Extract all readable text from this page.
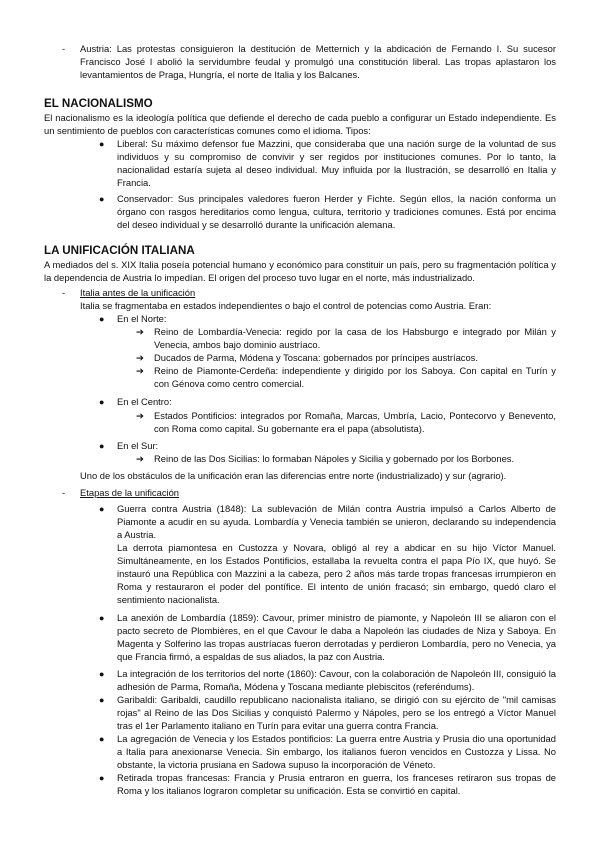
- Austria: Las protestas consiguieron la destitución de Metternich y la abdicación de Fernando I. Su sucesor Francisco José I abolió la servidumbre feudal y promulgó una constitución liberal. Las tropas aplastaron los levantamientos de Praga, Hungría, el norte de Italia y los Balcanes.

EL NACIONALISMO

El nacionalismo es la ideología política que defiende el derecho de cada pueblo a configurar un Estado independiente. Es un sentimiento de pueblos con características comunes como el idioma. Tipos:

● Liberal: Su máximo defensor fue Mazzini, que consideraba que una nación surge de la voluntad de sus individuos y su compromiso de convivir y ser regidos por instituciones comunes. Por lo tanto, la nacionalidad estaría sujeta al deseo individual. Muy influida por la Ilustración, se desarrolló en Italia y Francia.

● Conservador: Sus principales valedores fueron Herder y Fichte. Según ellos, la nación conforma un órgano con rasgos hereditarios como lengua, cultura, territorio y tradiciones comunes. Está por encima del deseo individual y se desarrolló durante la unificación alemana.

LA UNIFICACIÓN ITALIANA

A mediados del s. XIX Italia poseía potencial humano y económico para constituir un país, pero su fragmentación política y la dependencia de Austria lo impedían. El origen del proceso tuvo lugar en el norte, más industrializado.

- Italia antes de la unificación

Italia se fragmentaba en estados independientes o bajo el control de potencias como Austria. Eran:

● En el Norte:

➔ Reino de Lombardía-Venecia: regido por la casa de los Habsburgo e integrado por Milán y Venecia, ambos bajo dominio austríaco.

➔ Ducados de Parma, Módena y Toscana: gobernados por príncipes austríacos.

➔ Reino de Piamonte-Cerdeña: independiente y dirigido por los Saboya. Con capital en Turín y con Génova como centro comercial.

● En el Centro:

➔ Estados Pontificios: integrados por Romaña, Marcas, Umbría, Lacio, Pontecorvo y Benevento, con Roma como capital. Su gobernante era el papa (absolutista).

● En el Sur:

➔ Reino de las Dos Sicilias: lo formaban Nápoles y Sicilia y gobernado por los Borbones.

Uno de los obstáculos de la unificación eran las diferencias entre norte (industrializado) y sur (agrario).

- Etapas de la unificación

● Guerra contra Austria (1848): La sublevación de Milán contra Austria impulsó a Carlos Alberto de Piamonte a acudir en su ayuda. Lombardía y Venecia también se unieron, declarando su independencia a Austria.

La derrota piamontesa en Custozza y Novara, obligó al rey a abdicar en su hijo Víctor Manuel. Simultáneamente, en los Estados Pontificios, estallaba la revuelta contra el papa Pío IX, que huyó. Se instauró una República con Mazzini a la cabeza, pero 2 años más tarde tropas francesas irrumpieron en Roma y restauraron el poder del pontífice. El intento de unión fracasó; sin embargo, quedó claro el sentimiento nacionalista.

● La anexión de Lombardía (1859): Cavour, primer ministro de piamonte, y Napoleón III se aliaron con el pacto secreto de Plombières, en el que Cavour le daba a Napoleón las ciudades de Niza y Saboya. En Magenta y Solferino las tropas austríacas fueron derrotadas y perdieron Lombardía, pero no Venecia, ya que Francia firmó, a espaldas de sus aliados, la paz con Austria.

● La integración de los territorios del norte (1860): Cavour, con la colaboración de Napoleón III, consiguió la adhesión de Parma, Romaña, Módena y Toscana mediante plebiscitos (referéndums).

● Garibaldi: Garibaldi, caudillo republicano nacionalista italiano, se dirigió con su ejército de "mil camisas rojas" al Reino de las Dos Sicilias y conquistó Palermo y Nápoles, pero se los entregó a Víctor Manuel tras el 1er Parlamento italiano en Turín para evitar una guerra contra Francia.

● La agregación de Venecia y los Estados pontificios: La guerra entre Austria y Prusia dio una oportunidad a Italia para anexionarse Venecia. Sin embargo, los italianos fueron vencidos en Custozza y Lissa. No obstante, la victoria prusiana en Sadowa supuso la incorporación de Véneto.

● Retirada tropas francesas: Francia y Prusia entraron en guerra, los franceses retiraron sus tropas de Roma y los italianos lograron completar su unificación. Esta se convirtió en capital.
